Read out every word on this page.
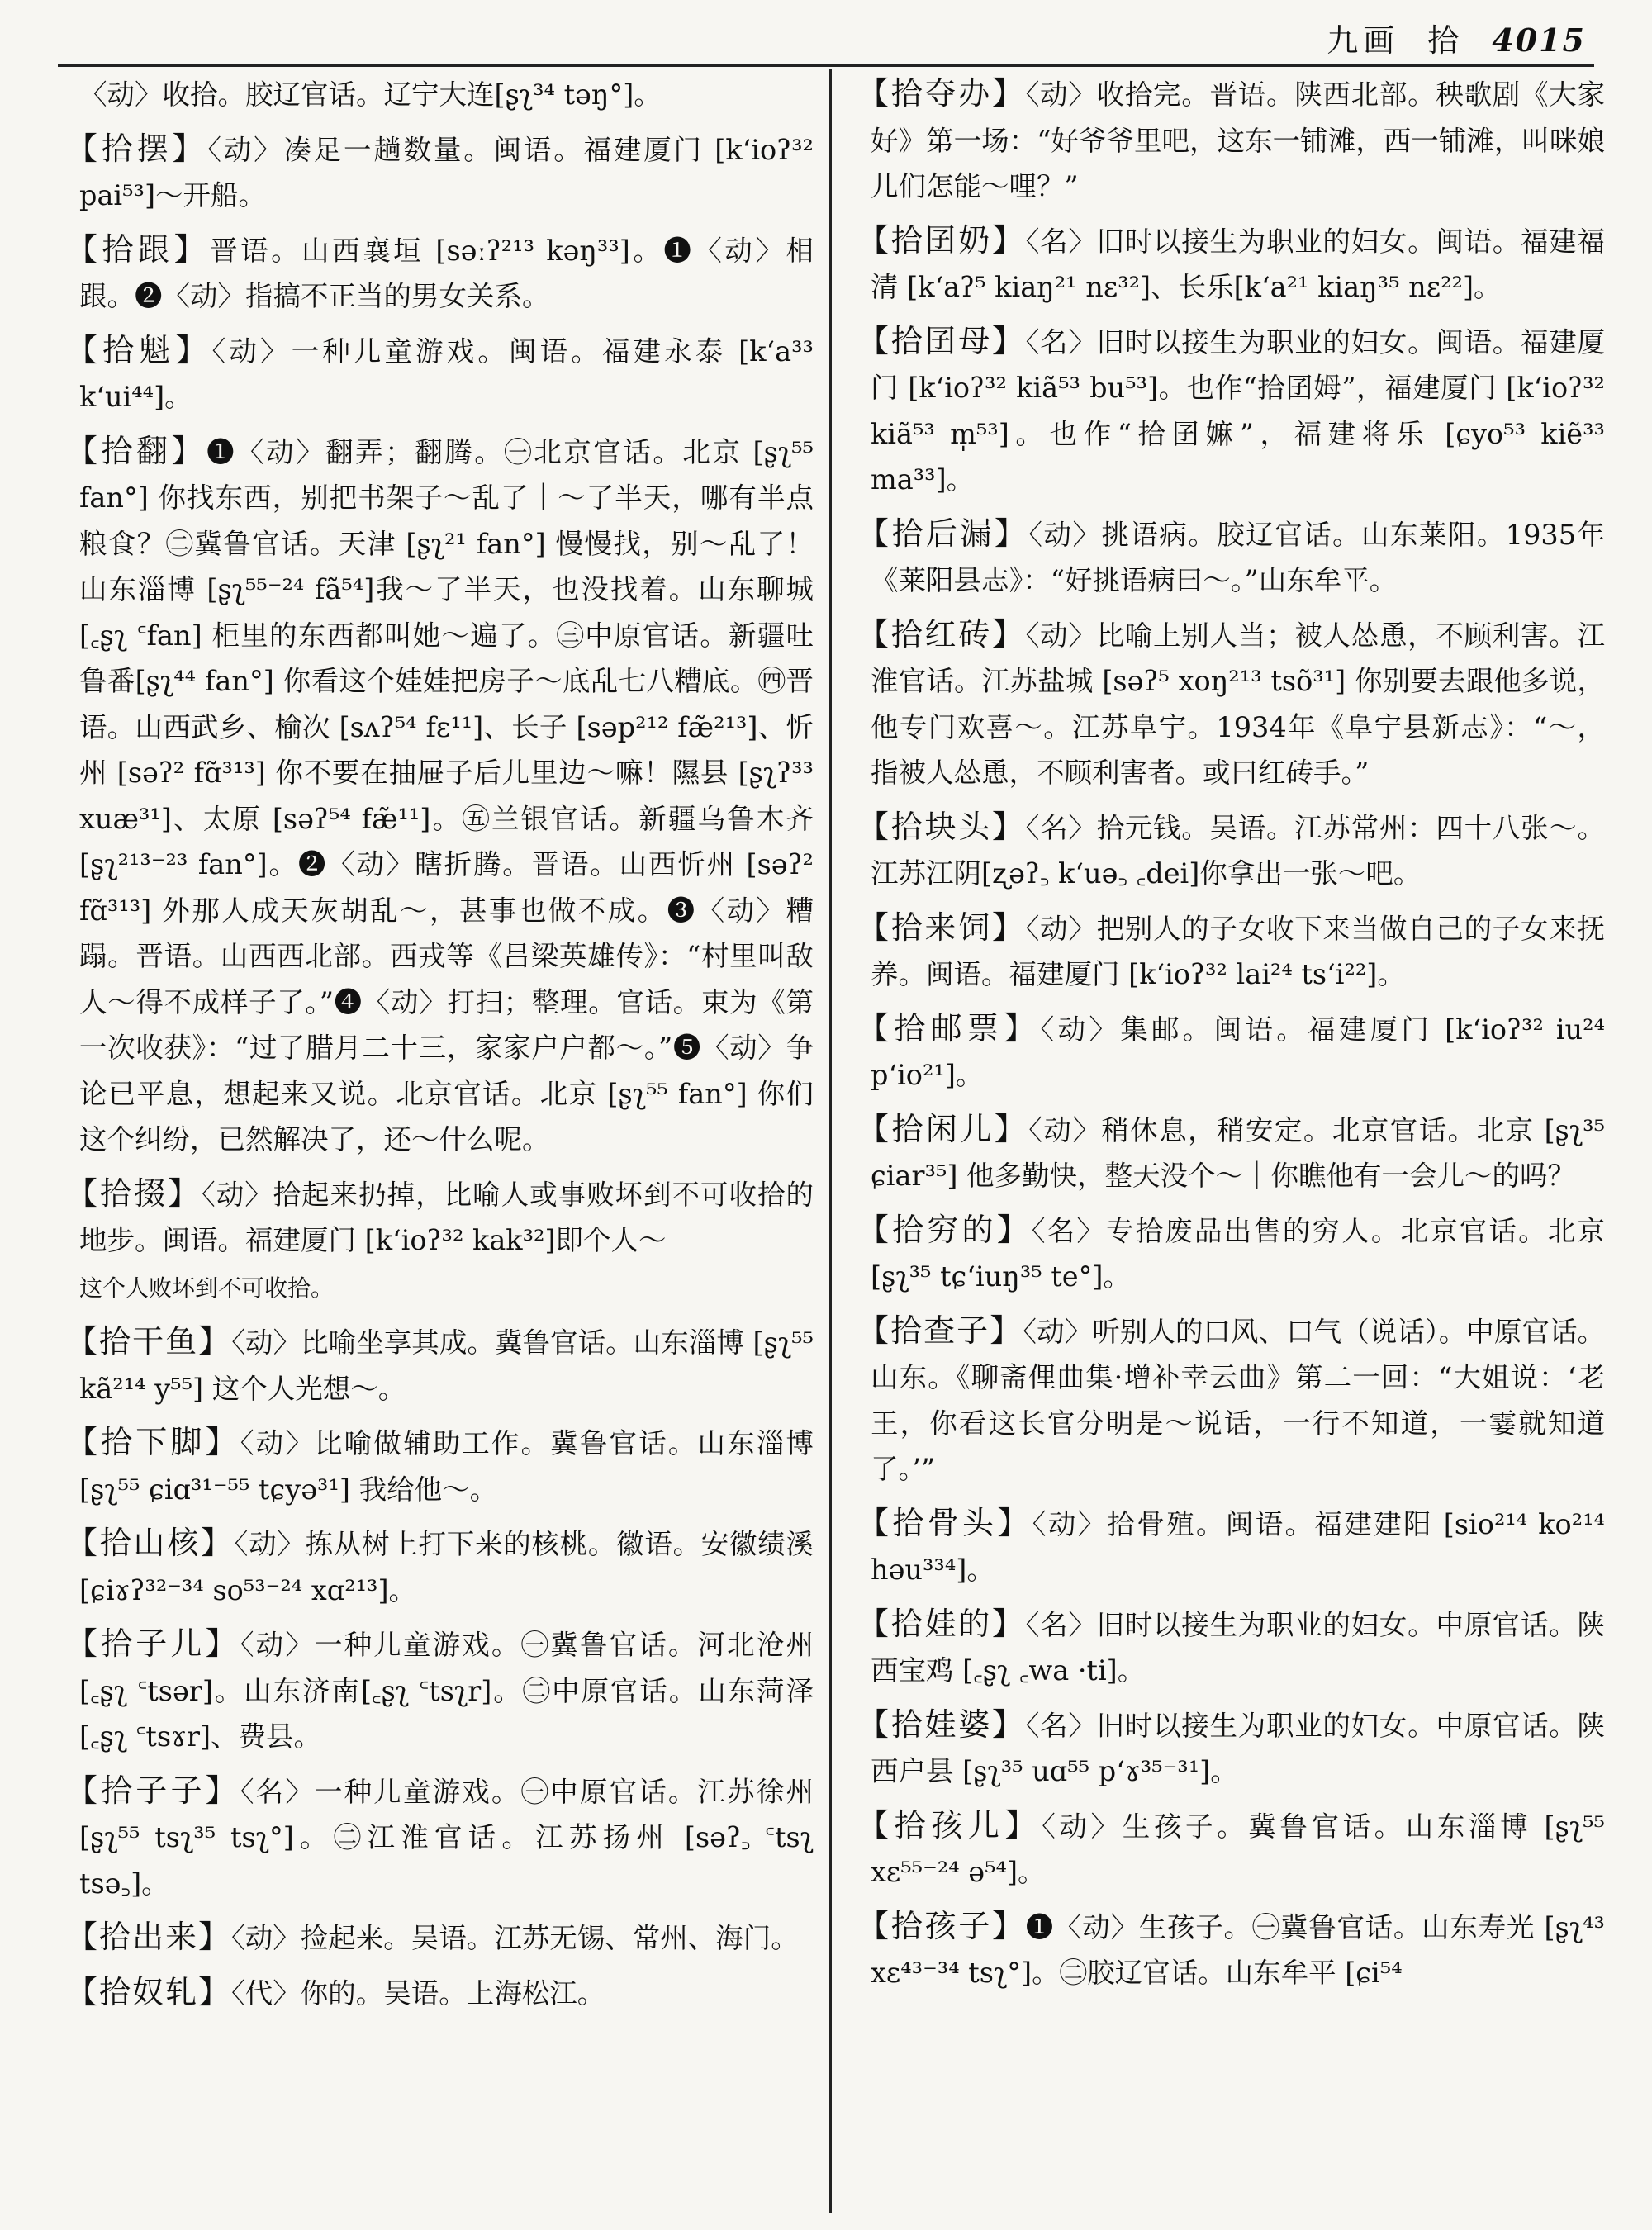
九画 拾 4015
〈动〉收拾。胶辽官话。辽宁大连[ʂʅ³⁴ təŋ°]。
【拾摆】〈动〉凑足一趟数量。闽语。福建厦门 [kʻioʔ³² pai⁵³]～开船。
【拾跟】晋语。山西襄垣 [səːʔ²¹³ kəŋ³³]。❶〈动〉相跟。❷〈动〉指搞不正当的男女关系。
【拾魁】〈动〉一种儿童游戏。闽语。福建永泰 [kʻa³³ kʻui⁴⁴]。
【拾翻】❶〈动〉翻弄；翻腾。㊀北京官话。北京 [ʂʅ⁵⁵ fan°] 你找东西，别把书架子～乱了｜～了半天，哪有半点粮食？㊁冀鲁官话。天津 [ʂʅ²¹ fan°] 慢慢找，别～乱了！山东淄博 [ʂʅ⁵⁵⁻²⁴ fã⁵⁴]我～了半天，也没找着。山东聊城 [꜀ʂʅ ꜂fan] 柜里的东西都叫她～遍了。㊂中原官话。新疆吐鲁番[ʂʅ⁴⁴ fan°] 你看这个娃娃把房子～底乱七八糟底。㊃晋语。山西武乡、榆次 [sʌʔ⁵⁴ fɛ¹¹]、长子 [səp²¹² fæ̃²¹³]、忻州 [səʔ² fɑ̃³¹³] 你不要在抽屉子后儿里边～嘛！隰县 [ʂʅʔ³³ xuæ³¹]、太原 [səʔ⁵⁴ fæ̃¹¹]。㊄兰银官话。新疆乌鲁木齐 [ʂʅ²¹³⁻²³ fan°]。❷〈动〉瞎折腾。晋语。山西忻州 [səʔ² fɑ̃³¹³] 外那人成天灰胡乱～，甚事也做不成。❸〈动〉糟蹋。晋语。山西西北部。西戎等《吕梁英雄传》：“村里叫敌人～得不成样子了。”❹〈动〉打扫；整理。官话。束为《第一次收获》：“过了腊月二十三，家家户户都～。”❺〈动〉争论已平息，想起来又说。北京官话。北京 [ʂʅ⁵⁵ fan°] 你们这个纠纷，已然解决了，还～什么呢。
【拾掇】〈动〉拾起来扔掉，比喻人或事败坏到不可收拾的地步。闽语。福建厦门 [kʻioʔ³² kak³²]即个人～
这个人败坏到不可收拾。
【拾干鱼】〈动〉比喻坐享其成。冀鲁官话。山东淄博 [ʂʅ⁵⁵ kã²¹⁴ y⁵⁵] 这个人光想～。
【拾下脚】〈动〉比喻做辅助工作。冀鲁官话。山东淄博 [ʂʅ⁵⁵ ɕiɑ³¹⁻⁵⁵ tɕyə³¹] 我给他～。
【拾山核】〈动〉拣从树上打下来的核桃。徽语。安徽绩溪 [ɕiɤʔ³²⁻³⁴ so⁵³⁻²⁴ xɑ²¹³]。
【拾子儿】〈动〉一种儿童游戏。㊀冀鲁官话。河北沧州 [꜀ʂʅ ꜂tsər]。山东济南[꜀ʂʅ ꜂tsʅr]。㊁中原官话。山东菏泽 [꜀ʂʅ ꜂tsɤr]、费县。
【拾子子】〈名〉一种儿童游戏。㊀中原官话。江苏徐州 [ʂʅ⁵⁵ tsʅ³⁵ tsʅ°]。㊁江淮官话。江苏扬州 [səʔ꜆ ꜂tsʅ tsə꜆]。
【拾出来】〈动〉捡起来。吴语。江苏无锡、常州、海门。
【拾奴轧】〈代〉你的。吴语。上海松江。
【拾夺办】〈动〉收拾完。晋语。陕西北部。秧歌剧《大家好》第一场：“好爷爷里吧，这东一铺滩，西一铺滩，叫咪娘儿们怎能～哩？”
【拾囝奶】〈名〉旧时以接生为职业的妇女。闽语。福建福清 [kʻaʔ⁵ kiaŋ²¹ nɛ³²]、长乐[kʻa²¹ kiaŋ³⁵ nɛ²²]。
【拾囝母】〈名〉旧时以接生为职业的妇女。闽语。福建厦门 [kʻioʔ³² kiã⁵³ bu⁵³]。也作“拾囝姆”，福建厦门 [kʻioʔ³² kiã⁵³ m̩⁵³]。也作“拾囝嫲”，福建将乐 [ɕyo⁵³ kiẽ³³ ma³³]。
【拾后漏】〈动〉挑语病。胶辽官话。山东莱阳。1935年《莱阳县志》：“好挑语病曰～。”山东牟平。
【拾红砖】〈动〉比喻上别人当；被人怂恿，不顾利害。江淮官话。江苏盐城 [səʔ⁵ xoŋ²¹³ tsõ³¹] 你别要去跟他多说，他专门欢喜～。江苏阜宁。1934年《阜宁县新志》：“～，指被人怂恿，不顾利害者。或曰红砖手。”
【拾块头】〈名〉拾元钱。吴语。江苏常州：四十八张～。江苏江阴[ʐəʔ꜆ kʻuə꜆ ꜀dei]你拿出一张～吧。
【拾来饲】〈动〉把别人的子女收下来当做自己的子女来抚养。闽语。福建厦门 [kʻioʔ³² lai²⁴ tsʻi²²]。
【拾邮票】〈动〉集邮。闽语。福建厦门 [kʻioʔ³² iu²⁴ pʻio²¹]。
【拾闲儿】〈动〉稍休息，稍安定。北京官话。北京 [ʂʅ³⁵ ɕiar³⁵] 他多勤快，整天没个～｜你瞧他有一会儿～的吗？
【拾穷的】〈名〉专拾废品出售的穷人。北京官话。北京 [ʂʅ³⁵ tɕʻiuŋ³⁵ te°]。
【拾查子】〈动〉听别人的口风、口气（说话）。中原官话。山东。《聊斋俚曲集·增补幸云曲》第二一回：“大姐说：‘老王，你看这长官分明是～说话，一行不知道，一霎就知道了。’”
【拾骨头】〈动〉拾骨殖。闽语。福建建阳 [sio²¹⁴ ko²¹⁴ həu³³⁴]。
【拾娃的】〈名〉旧时以接生为职业的妇女。中原官话。陕西宝鸡 [꜀ʂʅ ꜀wa ·ti]。
【拾娃婆】〈名〉旧时以接生为职业的妇女。中原官话。陕西户县 [ʂʅ³⁵ uɑ⁵⁵ pʻɤ³⁵⁻³¹]。
【拾孩儿】〈动〉生孩子。冀鲁官话。山东淄博 [ʂʅ⁵⁵ xɛ⁵⁵⁻²⁴ ə⁵⁴]。
【拾孩子】❶〈动〉生孩子。㊀冀鲁官话。山东寿光 [ʂʅ⁴³ xɛ⁴³⁻³⁴ tsʅ°]。㊁胶辽官话。山东牟平 [ɕi⁵⁴
